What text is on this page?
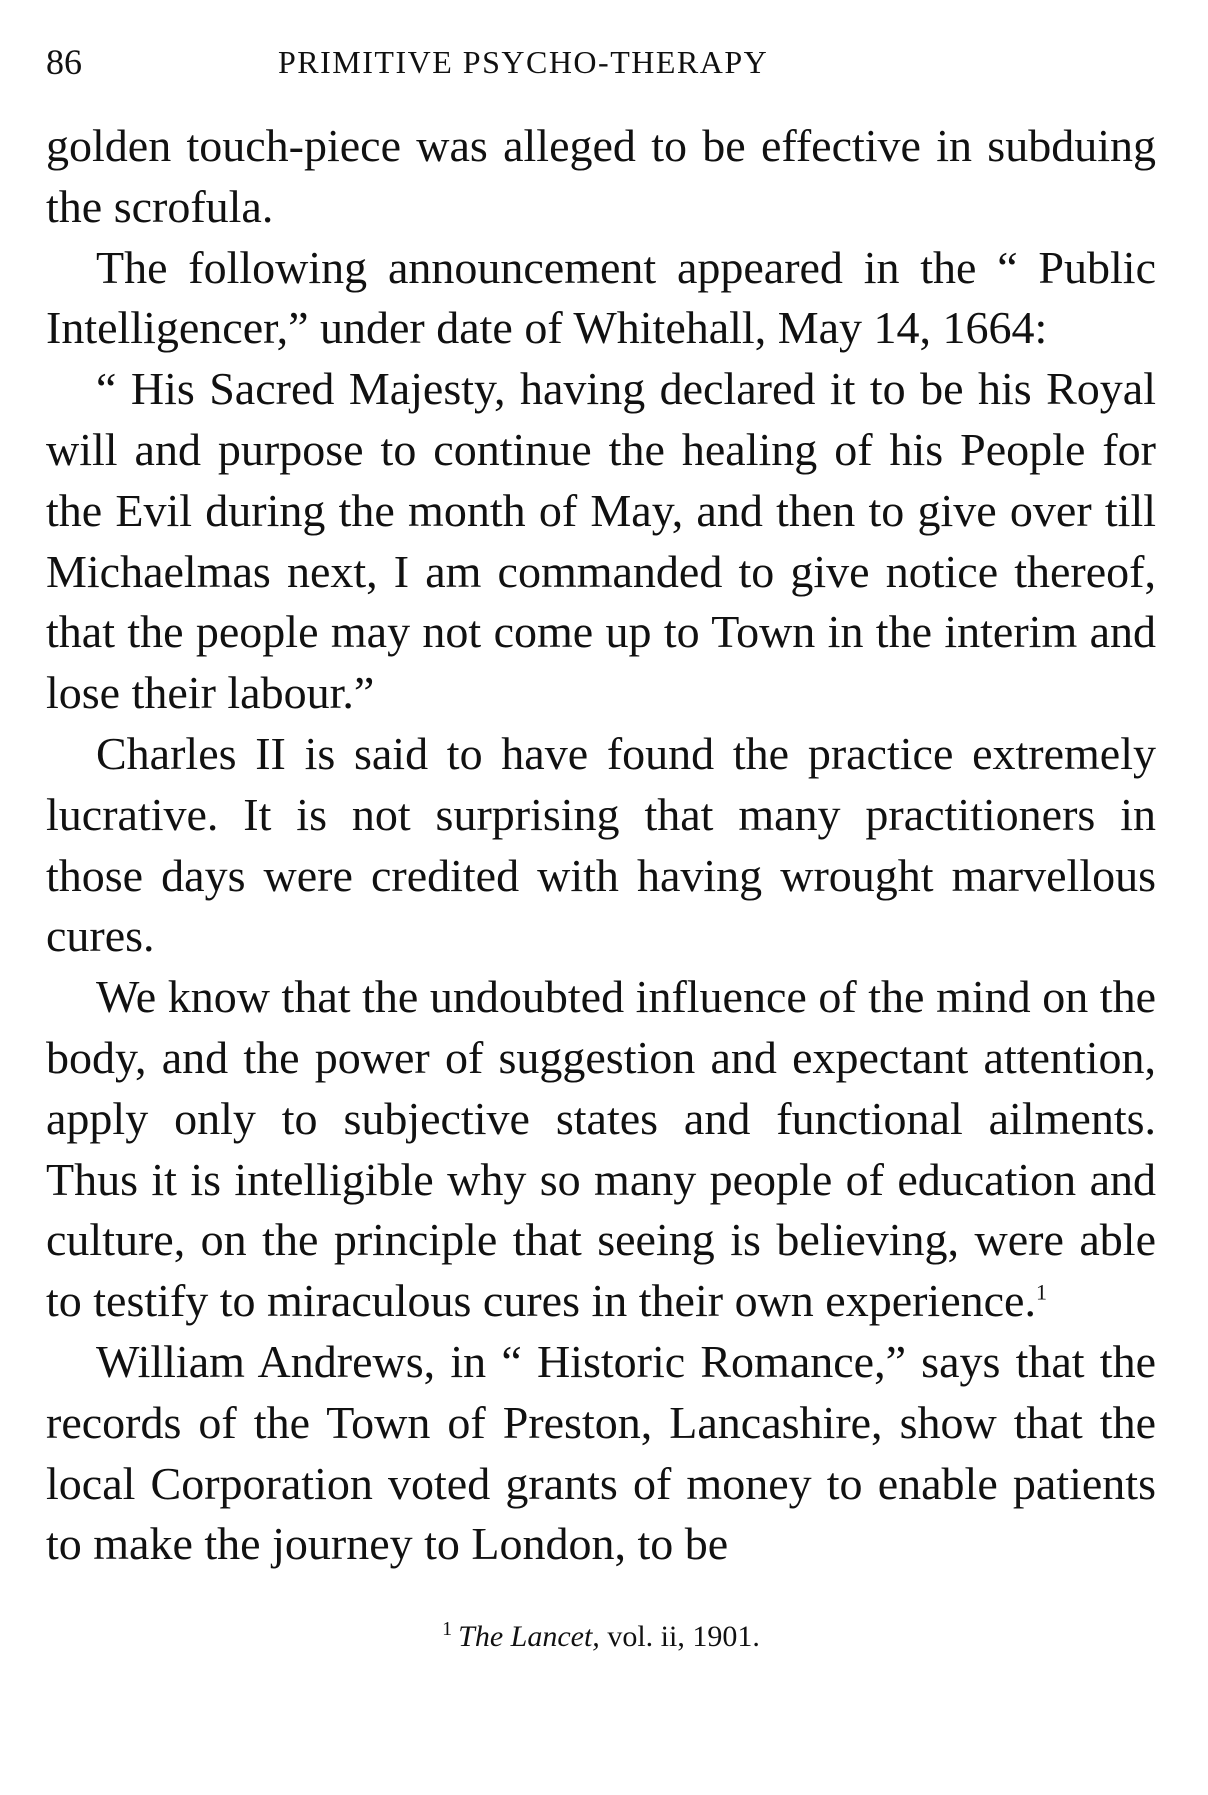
86	PRIMITIVE PSYCHO-THERAPY

golden touch-piece was alleged to be effective in subduing the scrofula.

The following announcement appeared in the “ Public Intelligencer,” under date of Whitehall, May 14, 1664:

“ His Sacred Majesty, having declared it to be his Royal will and purpose to continue the healing of his People for the Evil during the month of May, and then to give over till Michaelmas next, I am commanded to give notice thereof, that the people may not come up to Town in the interim and lose their labour.”

Charles II is said to have found the practice extremely lucrative. It is not surprising that many practitioners in those days were credited with having wrought marvellous cures.

We know that the undoubted influence of the mind on the body, and the power of suggestion and expectant attention, apply only to subjective states and functional ailments. Thus it is intelligible why so many people of education and culture, on the principle that seeing is believing, were able to testify to miraculous cures in their own experience.$^1$

William Andrews, in “ Historic Romance,” says that the records of the Town of Preston, Lancashire, show that the local Corporation voted grants of money to enable patients to make the journey to London, to be

$^1$ The Lancet, vol. ii, 1901.
